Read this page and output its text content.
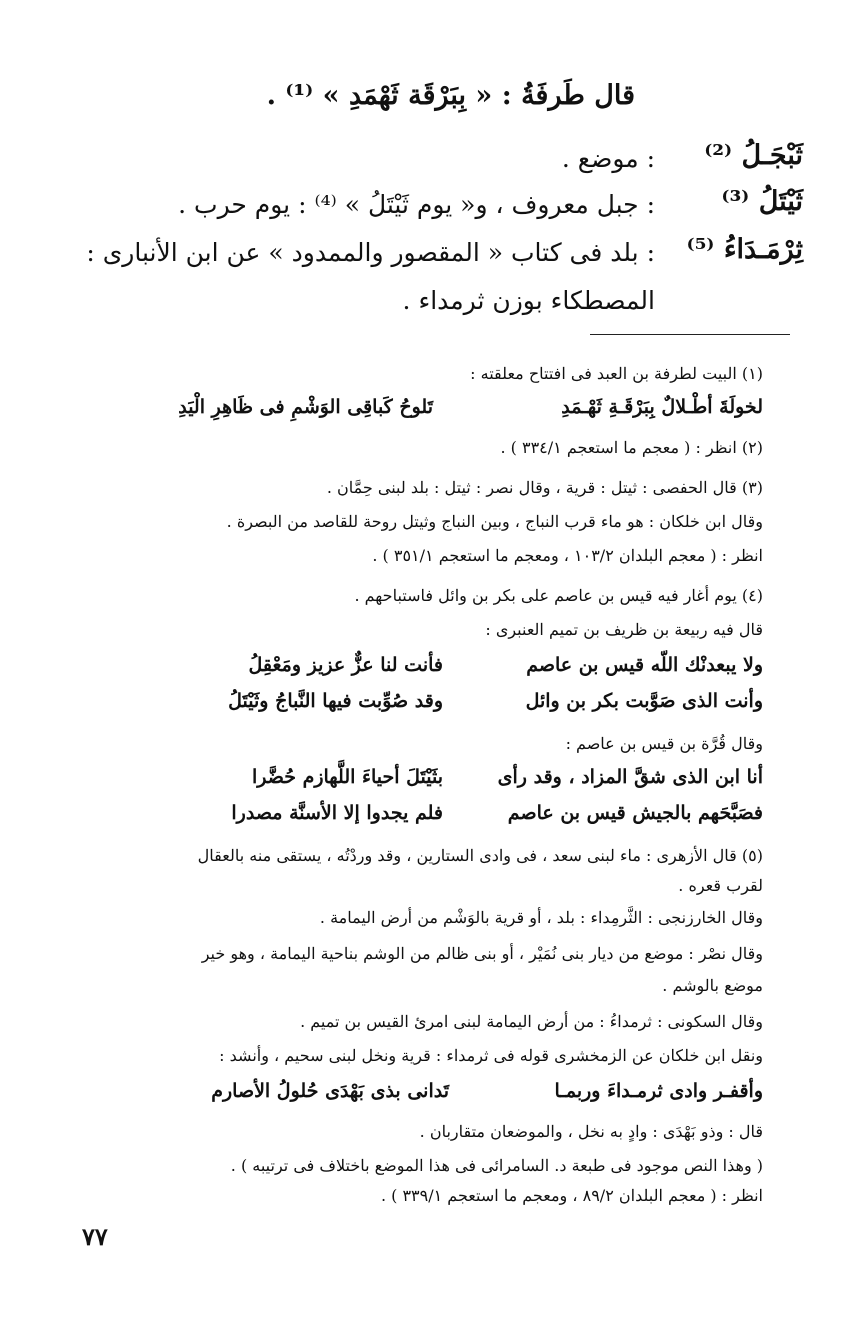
قال طَرفَةُ : « بِبَرْقَة ثَهْمَدِ » ⁽¹⁾ .
ثَبْجَـلُ ⁽²⁾
: موضع .
ثَيْتَلُ ⁽³⁾
: جبل معروف ، و« يوم ثَيْتَلُ » ⁽⁴⁾ : يوم حرب .
ثِرْمَـدَاءُ ⁽⁵⁾
: بلد فى كتاب « المقصور والممدود » عن ابن الأنبارى :
المصطكاء بوزن ثرمداء .
(١) البيت لطرفة بن العبد فى افتتاح معلقته :
لخولَةَ أطْـلالٌ بِبَرْقَـةِ ثَهْـمَدِ
تَلوحُ كَباقِى الوَشْمِ فى ظَاهِرِ الْيَدِ
(٢) انظر : ( معجم ما استعجم ٣٣٤/١ ) .
(٣) قال الحفصى : ثيتل : قرية ، وقال نصر : ثيتل : بلد لبنى حِمَّان .
وقال ابن خلكان : هو ماء قرب النباج ، وبين النباج وثيتل روحة للقاصد من البصرة .
انظر : ( معجم البلدان ١٠٣/٢ ، ومعجم ما استعجم ٣٥١/١ ) .
(٤) يوم أغار فيه قيس بن عاصم على بكر بن وائل فاستباحهم .
قال فيه ربيعة بن ظريف بن تميم العنبرى :
ولا يبعدنْك اللّه قيس بن عاصم
فأنت لنا عزٌّ عزيز ومَعْقِلُ
وأنت الذى صَوَّبت بكر بن وائل
وقد صُوِّبت فيها النَّباجُ وثَيْتَلُ
وقال قُرَّة بن قيس بن عاصم :
أنا ابن الذى شقَّ المزاد ، وقد رأى
بثَيْتَلَ أحياءَ اللَّهازم حُضَّرا
فصَبَّحَهم بالجيش قيس بن عاصم
فلم يجدوا إلا الأسنَّة مصدرا
(٥) قال الأزهرى : ماء لبنى سعد ، فى وادى الستارين ، وقد وردْتُه ، يستقى منه بالعقال
لقرب قعره .
وقال الخارزنجى : الثَّرمِداء : بلد ، أو قرية بالوَشْم من أرض اليمامة .
وقال نصْر : موضع من ديار بنى نُمَيْر ، أو بنى ظالم من الوشم بناحية اليمامة ، وهو خير
موضع بالوشم .
وقال السكونى : ثرمداءُ : من أرض اليمامة لبنى امرئ القيس بن تميم .
ونقل ابن خلكان عن الزمخشرى قوله فى ثرمداء : قرية ونخل لبنى سحيم ، وأنشد :
وأقفـر وادى ثرمـداءَ وربمـا
تَدانى بذى بَهْدَى حُلولُ الأصارم
قال : وذو بَهْدَى : وادٍ به نخل ، والموضعان متقاربان .
( وهذا النص موجود فى طبعة د. السامرائى فى هذا الموضع باختلاف فى ترتيبه ) .
انظر : ( معجم البلدان ٨٩/٢ ، ومعجم ما استعجم ٣٣٩/١ ) .
٧٧
